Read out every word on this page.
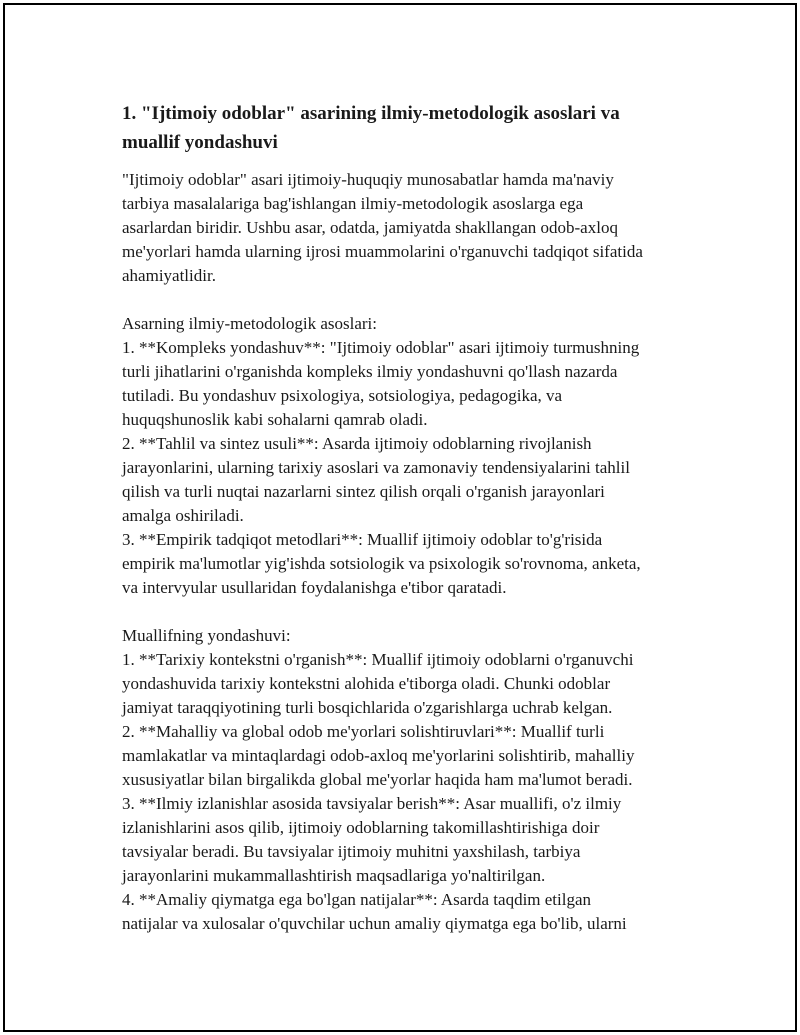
1. "Ijtimoiy odoblar" asarining ilmiy-metodologik asoslari va
muallif yondashuvi

"Ijtimoiy odoblar" asari ijtimoiy-huquqiy munosabatlar hamda ma'naviy
tarbiya masalalariga bag'ishlangan ilmiy-metodologik asoslarga ega
asarlardan biridir. Ushbu asar, odatda, jamiyatda shakllangan odob-axloq
me'yorlari hamda ularning ijrosi muammolarini o'rganuvchi tadqiqot sifatida
ahamiyatlidir.

Asarning ilmiy-metodologik asoslari:
1. **Kompleks yondashuv**: "Ijtimoiy odoblar" asari ijtimoiy turmushning
turli jihatlarini o'rganishda kompleks ilmiy yondashuvni qo'llash nazarda
tutiladi. Bu yondashuv psixologiya, sotsiologiya, pedagogika, va
huquqshunoslik kabi sohalarni qamrab oladi.
2. **Tahlil va sintez usuli**: Asarda ijtimoiy odoblarning rivojlanish
jarayonlarini, ularning tarixiy asoslari va zamonaviy tendensiyalarini tahlil
qilish va turli nuqtai nazarlarni sintez qilish orqali o'rganish jarayonlari
amalga oshiriladi.
3. **Empirik tadqiqot metodlari**: Muallif ijtimoiy odoblar to'g'risida
empirik ma'lumotlar yig'ishda sotsiologik va psixologik so'rovnoma, anketa,
va intervyular usullaridan foydalanishga e'tibor qaratadi.

Muallifning yondashuvi:
1. **Tarixiy kontekstni o'rganish**: Muallif ijtimoiy odoblarni o'rganuvchi
yondashuvida tarixiy kontekstni alohida e'tiborga oladi. Chunki odoblar
jamiyat taraqqiyotining turli bosqichlarida o'zgarishlarga uchrab kelgan.
2. **Mahalliy va global odob me'yorlari solishtiruvlari**: Muallif turli
mamlakatlar va mintaqlardagi odob-axloq me'yorlarini solishtirib, mahalliy
xususiyatlar bilan birgalikda global me'yorlar haqida ham ma'lumot beradi.
3. **Ilmiy izlanishlar asosida tavsiyalar berish**: Asar muallifi, o'z ilmiy
izlanishlarini asos qilib, ijtimoiy odoblarning takomillashtirishiga doir
tavsiyalar beradi. Bu tavsiyalar ijtimoiy muhitni yaxshilash, tarbiya
jarayonlarini mukammallashtirish maqsadlariga yo'naltirilgan.
4. **Amaliy qiymatga ega bo'lgan natijalar**: Asarda taqdim etilgan
natijalar va xulosalar o'quvchilar uchun amaliy qiymatga ega bo'lib, ularni
